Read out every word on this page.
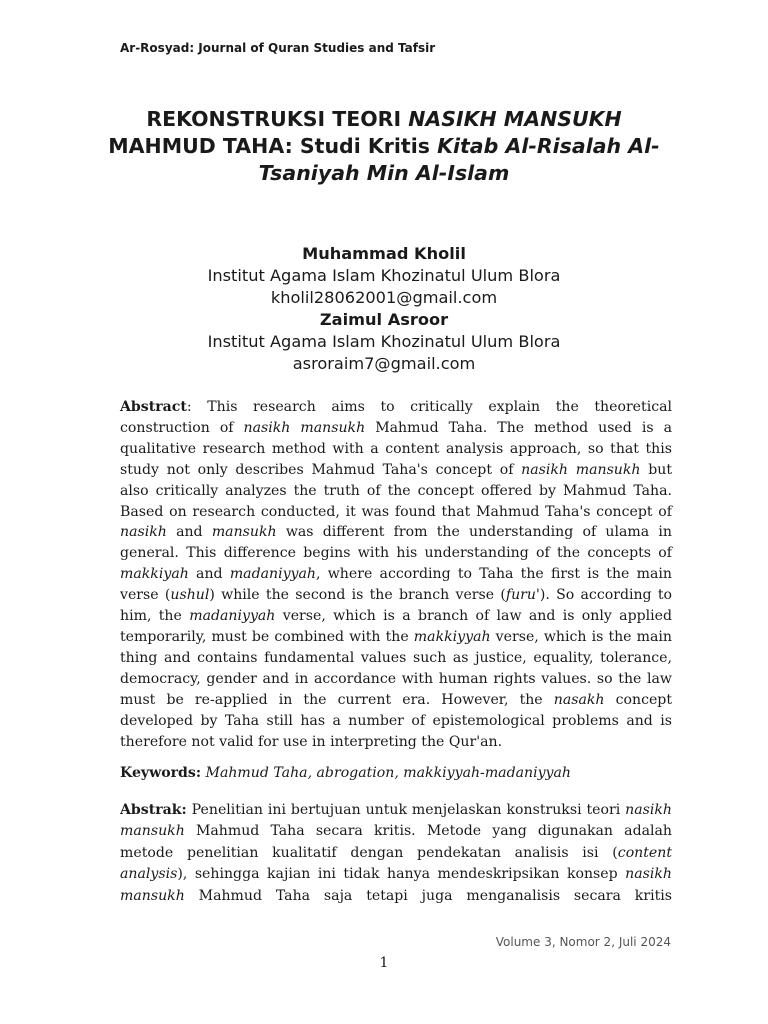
Ar-Rosyad: Journal of Quran Studies and Tafsir
REKONSTRUKSI TEORI NASIKH MANSUKH MAHMUD TAHA: Studi Kritis Kitab Al-Risalah Al-Tsaniyah Min Al-Islam
Muhammad Kholil
Institut Agama Islam Khozinatul Ulum Blora
kholil28062001@gmail.com
Zaimul Asroor
Institut Agama Islam Khozinatul Ulum Blora
asroraim7@gmail.com
Abstract: This research aims to critically explain the theoretical construction of nasikh mansukh Mahmud Taha. The method used is a qualitative research method with a content analysis approach, so that this study not only describes Mahmud Taha's concept of nasikh mansukh but also critically analyzes the truth of the concept offered by Mahmud Taha. Based on research conducted, it was found that Mahmud Taha's concept of nasikh and mansukh was different from the understanding of ulama in general. This difference begins with his understanding of the concepts of makkiyah and madaniyyah, where according to Taha the first is the main verse (ushul) while the second is the branch verse (furu'). So according to him, the madaniyyah verse, which is a branch of law and is only applied temporarily, must be combined with the makkiyyah verse, which is the main thing and contains fundamental values such as justice, equality, tolerance, democracy, gender and in accordance with human rights values. so the law must be re-applied in the current era. However, the nasakh concept developed by Taha still has a number of epistemological problems and is therefore not valid for use in interpreting the Qur'an.
Keywords: Mahmud Taha, abrogation, makkiyyah-madaniyyah
Abstrak: Penelitian ini bertujuan untuk menjelaskan konstruksi teori nasikh mansukh Mahmud Taha secara kritis. Metode yang digunakan adalah metode penelitian kualitatif dengan pendekatan analisis isi (content analysis), sehingga kajian ini tidak hanya mendeskripsikan konsep nasikh mansukh Mahmud Taha saja tetapi juga menganalisis secara kritis
Volume 3, Nomor 2, Juli 2024
1
